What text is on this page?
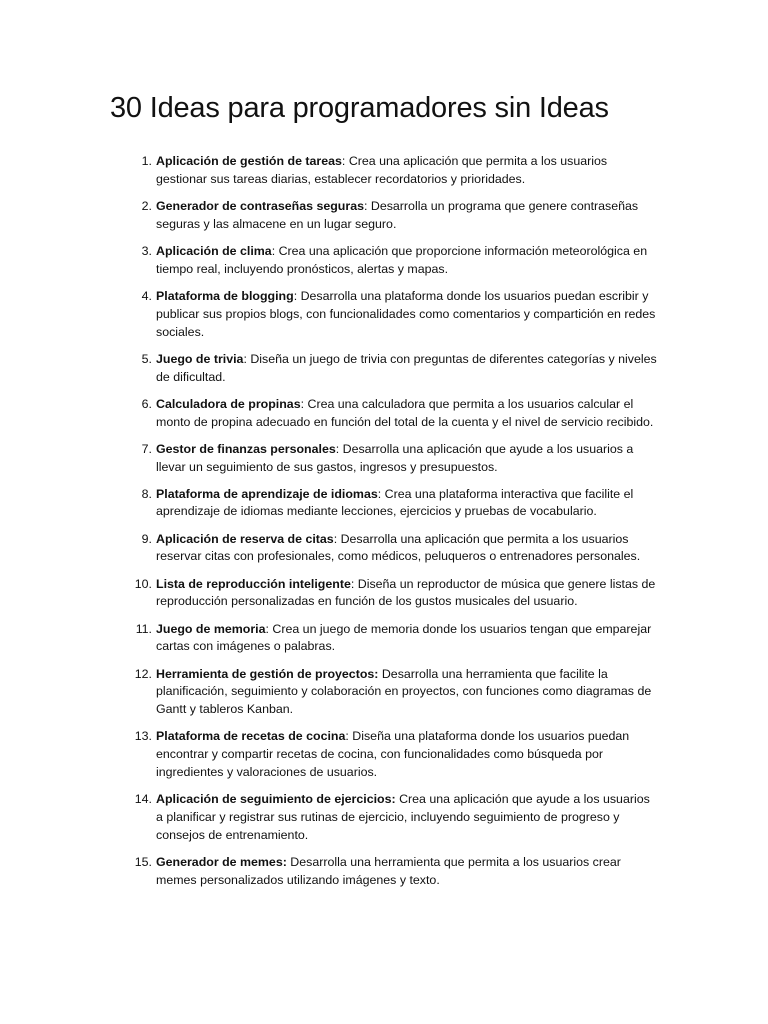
30 Ideas para programadores sin Ideas
1. Aplicación de gestión de tareas: Crea una aplicación que permita a los usuarios gestionar sus tareas diarias, establecer recordatorios y prioridades.
2. Generador de contraseñas seguras: Desarrolla un programa que genere contraseñas seguras y las almacene en un lugar seguro.
3. Aplicación de clima: Crea una aplicación que proporcione información meteorológica en tiempo real, incluyendo pronósticos, alertas y mapas.
4. Plataforma de blogging: Desarrolla una plataforma donde los usuarios puedan escribir y publicar sus propios blogs, con funcionalidades como comentarios y compartición en redes sociales.
5. Juego de trivia: Diseña un juego de trivia con preguntas de diferentes categorías y niveles de dificultad.
6. Calculadora de propinas: Crea una calculadora que permita a los usuarios calcular el monto de propina adecuado en función del total de la cuenta y el nivel de servicio recibido.
7. Gestor de finanzas personales: Desarrolla una aplicación que ayude a los usuarios a llevar un seguimiento de sus gastos, ingresos y presupuestos.
8. Plataforma de aprendizaje de idiomas: Crea una plataforma interactiva que facilite el aprendizaje de idiomas mediante lecciones, ejercicios y pruebas de vocabulario.
9. Aplicación de reserva de citas: Desarrolla una aplicación que permita a los usuarios reservar citas con profesionales, como médicos, peluqueros o entrenadores personales.
10. Lista de reproducción inteligente: Diseña un reproductor de música que genere listas de reproducción personalizadas en función de los gustos musicales del usuario.
11. Juego de memoria: Crea un juego de memoria donde los usuarios tengan que emparejar cartas con imágenes o palabras.
12. Herramienta de gestión de proyectos: Desarrolla una herramienta que facilite la planificación, seguimiento y colaboración en proyectos, con funciones como diagramas de Gantt y tableros Kanban.
13. Plataforma de recetas de cocina: Diseña una plataforma donde los usuarios puedan encontrar y compartir recetas de cocina, con funcionalidades como búsqueda por ingredientes y valoraciones de usuarios.
14. Aplicación de seguimiento de ejercicios: Crea una aplicación que ayude a los usuarios a planificar y registrar sus rutinas de ejercicio, incluyendo seguimiento de progreso y consejos de entrenamiento.
15. Generador de memes: Desarrolla una herramienta que permita a los usuarios crear memes personalizados utilizando imágenes y texto.
